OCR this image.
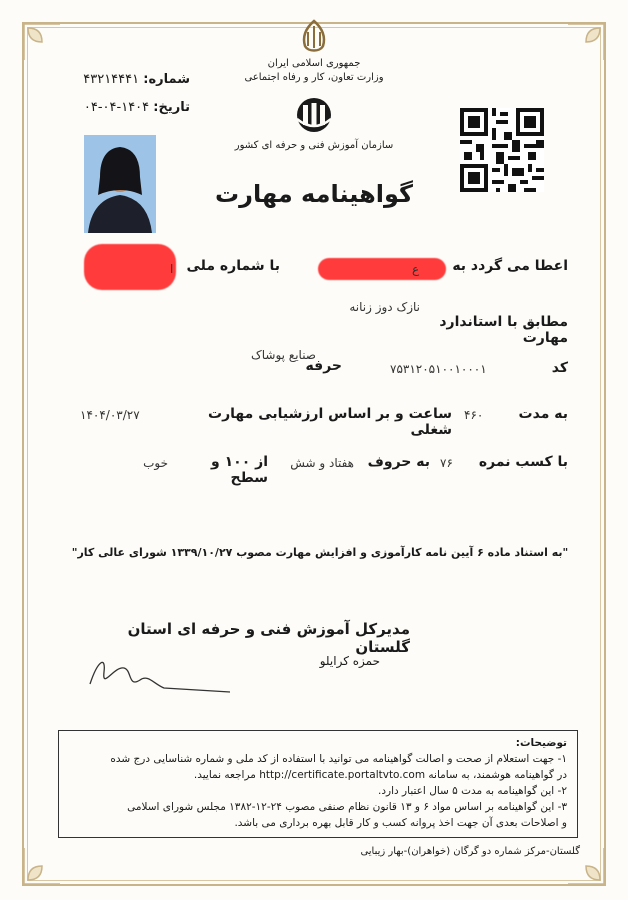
جمهوری اسلامی ایران
وزارت تعاون، کار و رفاه اجتماعی
سازمان آموزش فنی و حرفه ای کشور
شماره: ۴۳۲۱۴۴۴۱
تاریخ: ۱۴۰۴-۰۴-۰۴
گواهینامه مهارت
اعطا می گردد به
ع
با شماره ملی
ا
نازک دوز زنانه
مطابق با استاندارد مهارت
کد
۷۵۳۱۲۰۵۱۰۰۱۰۰۰۱
صنایع پوشاک
حرفه
به مدت
۴۶۰
ساعت و بر اساس ارزشیابی مهارت شغلی
۱۴۰۴/۰۳/۲۷
با کسب نمره
۷۶
به حروف
هفتاد و شش
از ۱۰۰ و سطح
خوب
"به استناد ماده ۶ آیین نامه کارآموزی و افزایش مهارت مصوب ۱۳۳۹/۱۰/۲۷ شورای عالی کار"
مدیرکل آموزش فنی و حرفه ای استان گلستان
حمزه کرایلو
توضیحات:
۱- جهت استعلام از صحت و اصالت گواهینامه می توانید با استفاده از کد ملی و شماره شناسایی درج شده
در گواهینامه هوشمند، به سامانه http://certificate.portaltvto.com مراجعه نمایید.
۲- این گواهینامه به مدت ۵ سال اعتبار دارد.
۳- این گواهینامه بر اساس مواد ۶ و ۱۳ قانون نظام صنفی مصوب ۲۴-۱۲-۱۳۸۲ مجلس شورای اسلامی
و اصلاحات بعدی آن جهت اخذ پروانه کسب و کار قابل بهره برداری می باشد.
گلستان-مرکز شماره دو گرگان (خواهران)-بهار زیبایی
